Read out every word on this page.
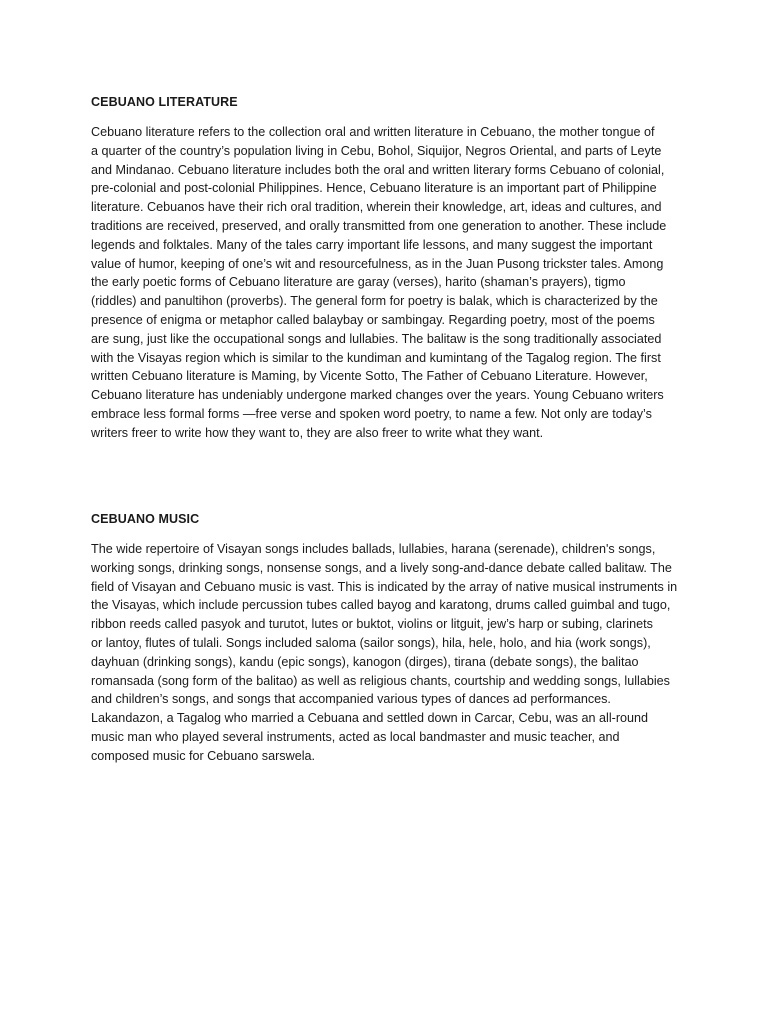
CEBUANO LITERATURE

Cebuano literature refers to the collection oral and written literature in Cebuano, the mother tongue of
a quarter of the country’s population living in Cebu, Bohol, Siquijor, Negros Oriental, and parts of Leyte
and Mindanao. Cebuano literature includes both the oral and written literary forms Cebuano of colonial,
pre-colonial and post-colonial Philippines. Hence, Cebuano literature is an important part of Philippine
literature. Cebuanos have their rich oral tradition, wherein their knowledge, art, ideas and cultures, and
traditions are received, preserved, and orally transmitted from one generation to another. These include
legends and folktales. Many of the tales carry important life lessons, and many suggest the important
value of humor, keeping of one’s wit and resourcefulness, as in the Juan Pusong trickster tales. Among
the early poetic forms of Cebuano literature are garay (verses), harito (shaman’s prayers), tigmo
(riddles) and panultihon (proverbs). The general form for poetry is balak, which is characterized by the
presence of enigma or metaphor called balaybay or sambingay. Regarding poetry, most of the poems
are sung, just like the occupational songs and lullabies. The balitaw is the song traditionally associated
with the Visayas region which is similar to the kundiman and kumintang of the Tagalog region. The first
written Cebuano literature is Maming, by Vicente Sotto, The Father of Cebuano Literature. However,
Cebuano literature has undeniably undergone marked changes over the years. Young Cebuano writers
embrace less formal forms —free verse and spoken word poetry, to name a few. Not only are today’s
writers freer to write how they want to, they are also freer to write what they want.

CEBUANO MUSIC

The wide repertoire of Visayan songs includes ballads, lullabies, harana (serenade), children's songs,
working songs, drinking songs, nonsense songs, and a lively song-and-dance debate called balitaw. The
field of Visayan and Cebuano music is vast. This is indicated by the array of native musical instruments in
the Visayas, which include percussion tubes called bayog and karatong, drums called guimbal and tugo,
ribbon reeds called pasyok and turutot, lutes or buktot, violins or litguit, jew’s harp or subing, clarinets
or lantoy, flutes of tulali. Songs included saloma (sailor songs), hila, hele, holo, and hia (work songs),
dayhuan (drinking songs), kandu (epic songs), kanogon (dirges), tirana (debate songs), the balitao
romansada (song form of the balitao) as well as religious chants, courtship and wedding songs, lullabies
and children’s songs, and songs that accompanied various types of dances ad performances.
Lakandazon, a Tagalog who married a Cebuana and settled down in Carcar, Cebu, was an all-round
music man who played several instruments, acted as local bandmaster and music teacher, and
composed music for Cebuano sarswela.
